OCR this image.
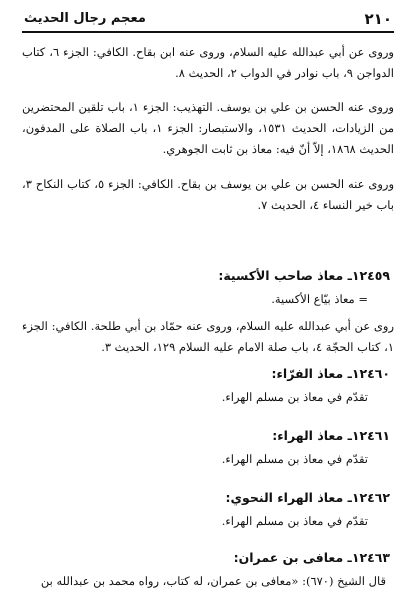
٢١٠
معجم رجال الحديث
وروى عن أبي عبدالله عليه السلام، وروى عنه ابن بقاح. الكافي: الجزء ٦، كتاب الدواجن ٩، باب نوادر في الدواب ٢، الحديث ٨.
وروى عنه الحسن بن علي بن يوسف. التهذيب: الجزء ١، باب تلقين المحتضرين من الزيادات، الحديث ١٥٣١، والاستبصار: الجزء ١، باب الصلاة على المدفون، الحديث ١٨٦٨، إلاّ أنّ فيه: معاذ بن ثابت الجوهري.
وروى عنه الحسن بن علي بن يوسف بن بقاح. الكافي: الجزء ٥، كتاب النكاح ٣، باب خير النساء ٤، الحديث ٧.
١٢٤٥٩ـ معاذ صاحب الأكسية:
= معاذ بيّاع الأكسية.
روى عن أبي عبدالله عليه السلام، وروى عنه حمّاد بن أبي طلحة. الكافي: الجزء ١، كتاب الحجّة ٤، باب صلة الامام عليه السلام ١٢٩، الحديث ٣.
١٢٤٦٠ـ معاذ الفرّاء:
تقدّم في معاذ بن مسلم الهراء.
١٢٤٦١ـ معاذ الهراء:
تقدّم في معاذ بن مسلم الهراء.
١٢٤٦٢ـ معاذ الهراء النحوي:
تقدّم في معاذ بن مسلم الهراء.
١٢٤٦٣ـ معافى بن عمران:
قال الشيخ (٦٧٠): «معافى بن عمران، له كتاب، رواه محمد بن عبدالله بن
